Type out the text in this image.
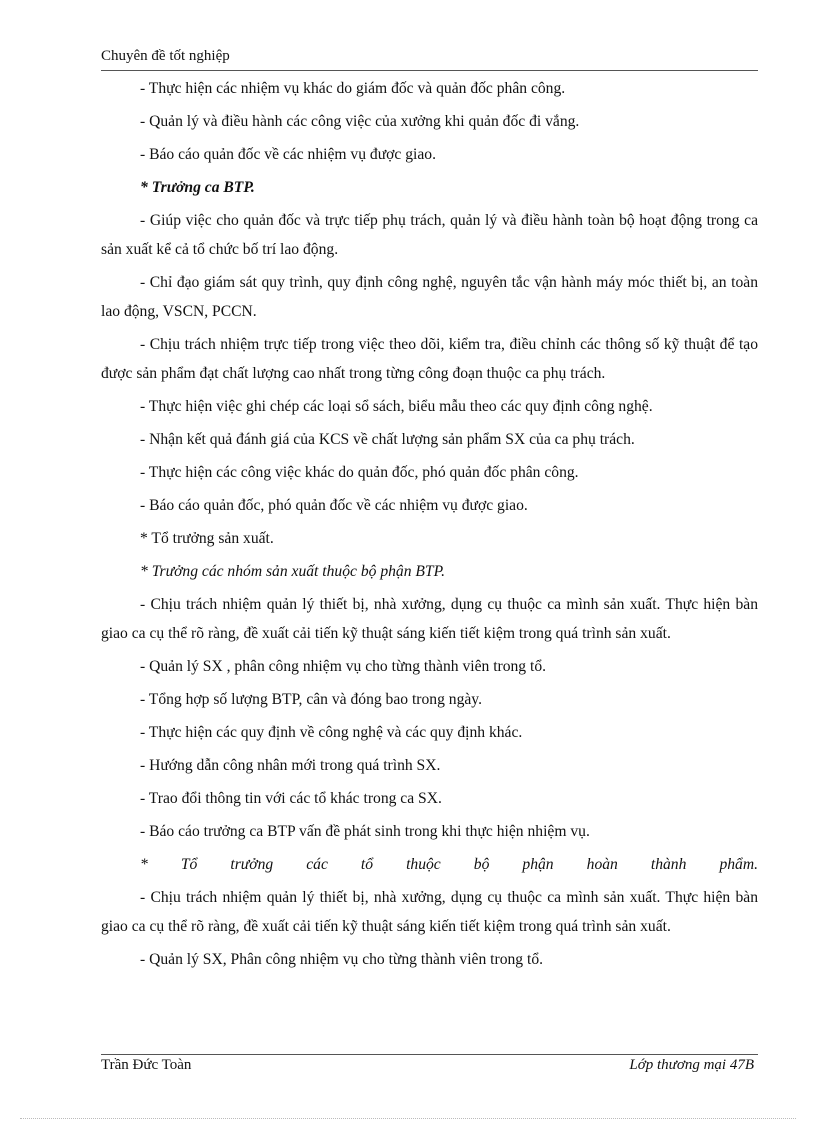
Chuyên đề tốt nghiệp

- Thực hiện các nhiệm vụ khác do giám đốc và quản đốc phân công.

- Quản lý và điều hành các công việc của xưởng khi quản đốc đi vắng.

- Báo cáo quản đốc về các nhiệm vụ được giao.

* Trưởng ca BTP.

- Giúp việc cho quản đốc và trực tiếp phụ trách, quản lý và điều hành toàn bộ hoạt động trong ca sản xuất kể cả tổ chức bố trí lao động.

- Chỉ đạo giám sát quy trình, quy định công nghệ, nguyên tắc vận hành máy móc thiết bị, an toàn lao động, VSCN, PCCN.

- Chịu trách nhiệm trực tiếp trong việc theo dõi, kiểm tra, điều chỉnh các thông số kỹ thuật để tạo được sản phẩm đạt chất lượng cao nhất trong từng công đoạn thuộc ca phụ trách.

- Thực hiện việc ghi chép các loại sổ sách, biểu mẫu theo các quy định công nghệ.

- Nhận kết quả đánh giá của KCS về chất lượng sản phẩm SX của ca phụ trách.

- Thực hiện các công việc khác do quản đốc, phó quản đốc phân công.

- Báo cáo quản đốc, phó quản đốc về các nhiệm vụ được giao.

* Tổ trưởng sản xuất.

* Trưởng các nhóm sản xuất thuộc bộ phận BTP.

- Chịu trách nhiệm quản lý thiết bị, nhà xưởng, dụng cụ thuộc ca mình sản xuất. Thực hiện bàn giao ca cụ thể rõ ràng, đề xuất cải tiến kỹ thuật sáng kiến tiết kiệm trong quá trình sản xuất.

- Quản lý SX , phân công nhiệm vụ cho từng thành viên trong tổ.

- Tổng hợp số lượng BTP, cân và đóng bao trong ngày.

- Thực hiện các quy định về công nghệ và các quy định khác.

- Hướng dẫn công nhân mới trong quá trình SX.

- Trao đổi thông tin với các tổ khác trong ca SX.

- Báo cáo trưởng ca BTP vấn đề phát sinh trong khi thực hiện nhiệm vụ.

* Tổ trưởng các tổ thuộc bộ phận hoàn thành phẩm.

- Chịu trách nhiệm quản lý thiết bị, nhà xưởng, dụng cụ thuộc ca mình sản xuất. Thực hiện bàn giao ca cụ thể rõ ràng, đề xuất cải tiến kỹ thuật sáng kiến tiết kiệm trong quá trình sản xuất.

- Quản lý SX, Phân công nhiệm vụ cho từng thành viên trong tổ.

Trần Đức Toàn	Lớp thương mại 47B
